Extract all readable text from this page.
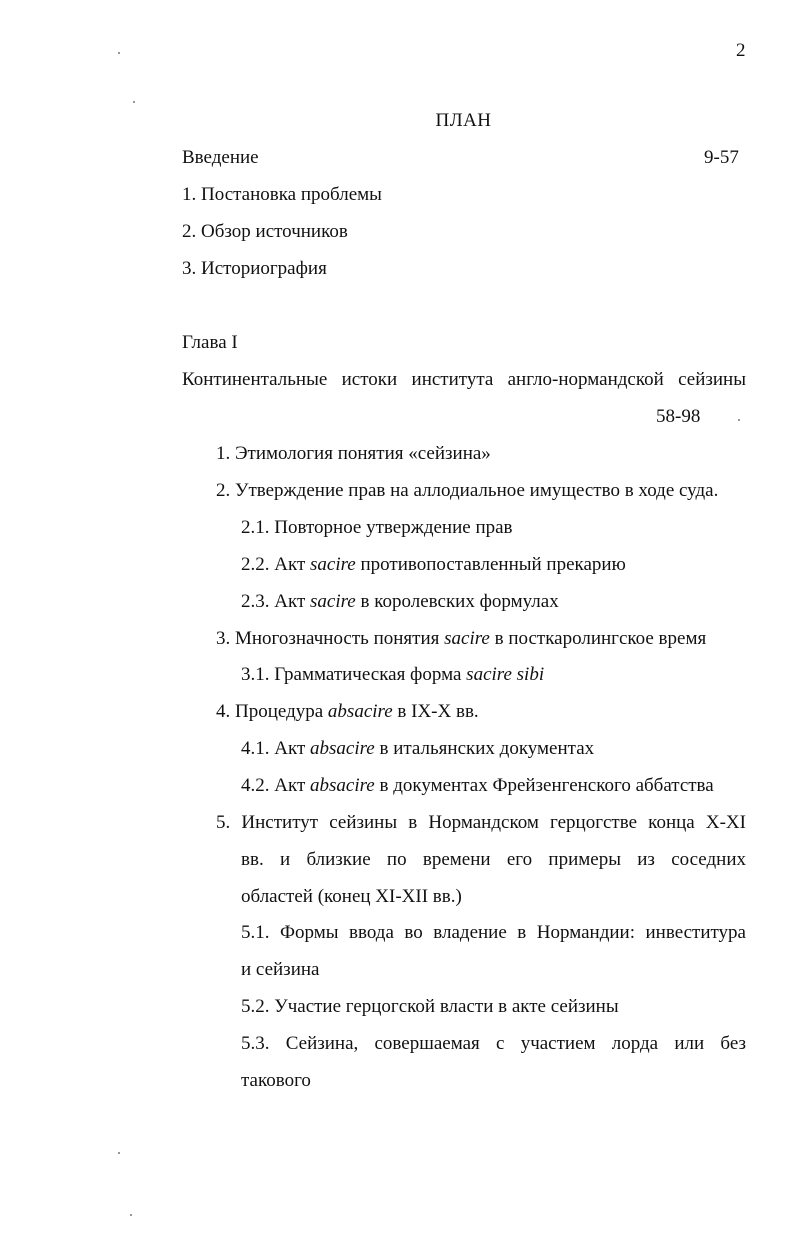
2
ПЛАН
Введение	9-57
1. Постановка проблемы
2. Обзор источников
3. Историография
Глава I
Континентальные истоки института англо-нормандской сейзины
58-98
1. Этимология понятия «сейзина»
2. Утверждение прав на аллодиальное имущество в ходе суда.
2.1. Повторное утверждение прав
2.2. Акт sacire противопоставленный прекарию
2.3. Акт sacire в королевских формулах
3. Многозначность понятия sacire в посткаролингское время
3.1. Грамматическая форма sacire sibi
4. Процедура absacire в IX-X вв.
4.1. Акт absacire в итальянских документах
4.2. Акт absacire в документах Фрейзенгенского аббатства
5. Институт сейзины в Нормандском герцогстве конца X-XI
вв. и близкие по времени его примеры из соседних
областей (конец XI-XII вв.)
5.1. Формы ввода во владение в Нормандии: инвеститура
и сейзина
5.2. Участие герцогской власти в акте сейзины
5.3. Сейзина, совершаемая с участием лорда или без
такового
